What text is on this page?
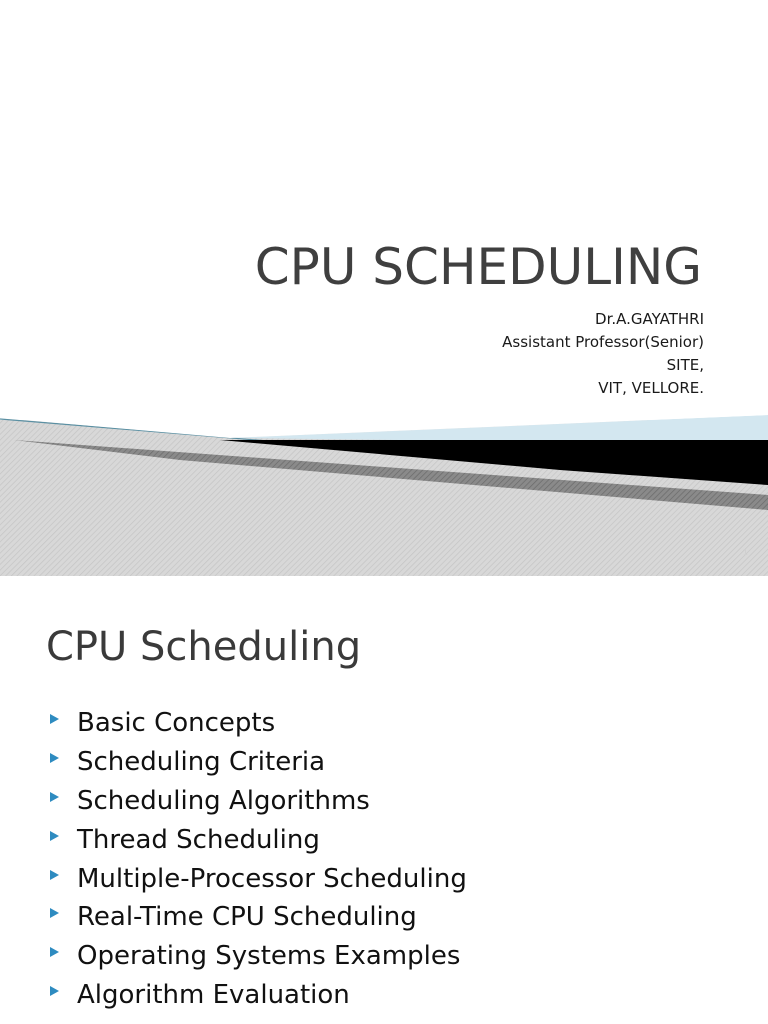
CPU SCHEDULING
Dr.A.GAYATHRI
Assistant Professor(Senior)
SITE,
VIT, VELLORE.
1
CPU Scheduling
Basic Concepts
Scheduling Criteria
Scheduling Algorithms
Thread Scheduling
Multiple-Processor Scheduling
Real-Time CPU Scheduling
Operating Systems Examples
Algorithm Evaluation
